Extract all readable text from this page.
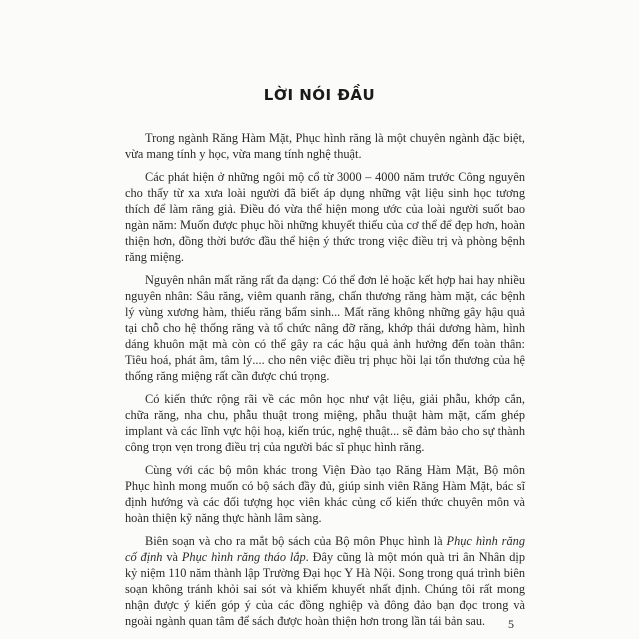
LỜI NÓI ĐẦU

Trong ngành Răng Hàm Mặt, Phục hình răng là một chuyên ngành đặc biệt, vừa mang tính y học, vừa mang tính nghệ thuật.

Các phát hiện ở những ngôi mộ cổ từ 3000 – 4000 năm trước Công nguyên cho thấy từ xa xưa loài người đã biết áp dụng những vật liệu sinh học tương thích để làm răng giả. Điều đó vừa thể hiện mong ước của loài người suốt bao ngàn năm: Muốn được phục hồi những khuyết thiếu của cơ thể để đẹp hơn, hoàn thiện hơn, đồng thời bước đầu thể hiện ý thức trong việc điều trị và phòng bệnh răng miệng.

Nguyên nhân mất răng rất đa dạng: Có thể đơn lẻ hoặc kết hợp hai hay nhiều nguyên nhân: Sâu răng, viêm quanh răng, chấn thương răng hàm mặt, các bệnh lý vùng xương hàm, thiếu răng bẩm sinh... Mất răng không những gây hậu quả tại chỗ cho hệ thống răng và tổ chức nâng đỡ răng, khớp thái dương hàm, hình dáng khuôn mặt mà còn có thể gây ra các hậu quả ảnh hưởng đến toàn thân: Tiêu hoá, phát âm, tâm lý.... cho nên việc điều trị phục hồi lại tổn thương của hệ thống răng miệng rất cần được chú trọng.

Có kiến thức rộng rãi về các môn học như vật liệu, giải phẫu, khớp cắn, chữa răng, nha chu, phẫu thuật trong miệng, phẫu thuật hàm mặt, cấm ghép implant và các lĩnh vực hội hoạ, kiến trúc, nghệ thuật... sẽ đảm bảo cho sự thành công trọn vẹn trong điều trị của người bác sĩ phục hình răng.

Cùng với các bộ môn khác trong Viện Đào tạo Răng Hàm Mặt, Bộ môn Phục hình mong muốn có bộ sách đầy đủ, giúp sinh viên Răng Hàm Mặt, bác sĩ định hướng và các đối tượng học viên khác củng cố kiến thức chuyên môn và hoàn thiện kỹ năng thực hành lâm sàng.

Biên soạn và cho ra mắt bộ sách của Bộ môn Phục hình là Phục hình răng cố định và Phục hình răng tháo lắp. Đây cũng là một món quà tri ân Nhân dịp kỷ niệm 110 năm thành lập Trường Đại học Y Hà Nội. Song trong quá trình biên soạn không tránh khỏi sai sót và khiếm khuyết nhất định. Chúng tôi rất mong nhận được ý kiến góp ý của các đồng nghiệp và đông đảo bạn đọc trong và ngoài ngành quan tâm để sách được hoàn thiện hơn trong lần tái bản sau.	5
